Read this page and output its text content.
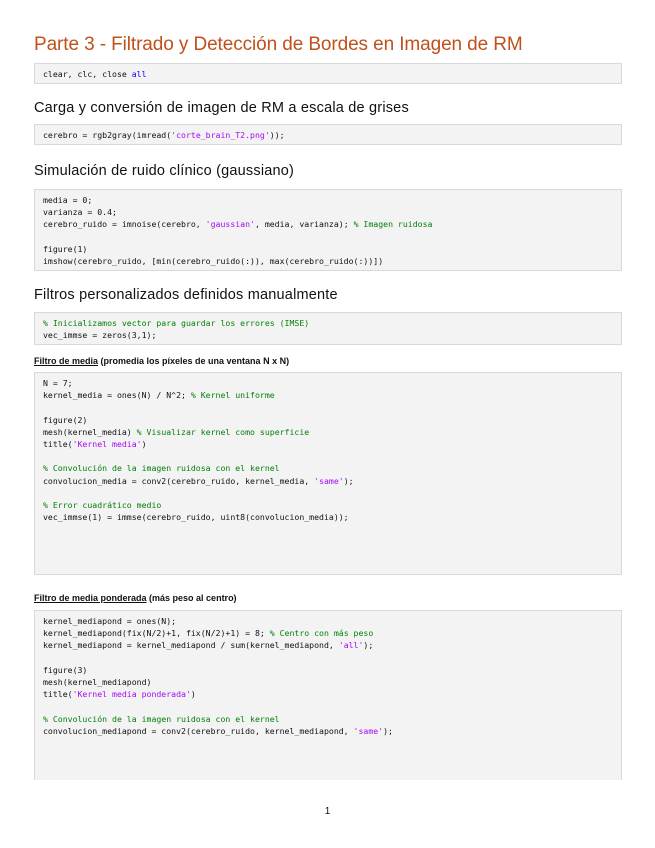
Parte 3 - Filtrado y Detección de Bordes en Imagen de RM
clear, clc, close all
Carga y conversión de imagen de RM a escala de grises
cerebro = rgb2gray(imread('corte_brain_T2.png'));
Simulación de ruido clínico (gaussiano)
media = 0;
varianza = 0.4;
cerebro_ruido = imnoise(cerebro, 'gaussian', media, varianza); % Imagen ruidosa

figure(1)
imshow(cerebro_ruido, [min(cerebro_ruido(:)), max(cerebro_ruido(:))])
Filtros personalizados definidos manualmente
% Inicializamos vector para guardar los errores (IMSE)
vec_immse = zeros(3,1);
Filtro de media (promedia los píxeles de una ventana N x N)
N = 7;
kernel_media = ones(N) / N^2; % Kernel uniforme

figure(2)
mesh(kernel_media) % Visualizar kernel como superficie
title('Kernel media')

% Convolución de la imagen ruidosa con el kernel
convolucion_media = conv2(cerebro_ruido, kernel_media, 'same');

% Error cuadrático medio
vec_immse(1) = immse(cerebro_ruido, uint8(convolucion_media));
Filtro de media ponderada (más peso al centro)
kernel_mediapond = ones(N);
kernel_mediapond(fix(N/2)+1, fix(N/2)+1) = 8; % Centro con más peso
kernel_mediapond = kernel_mediapond / sum(kernel_mediapond, 'all');

figure(3)
mesh(kernel_mediapond)
title('Kernel media ponderada')

% Convolución de la imagen ruidosa con el kernel
convolucion_mediapond = conv2(cerebro_ruido, kernel_mediapond, 'same');

1
